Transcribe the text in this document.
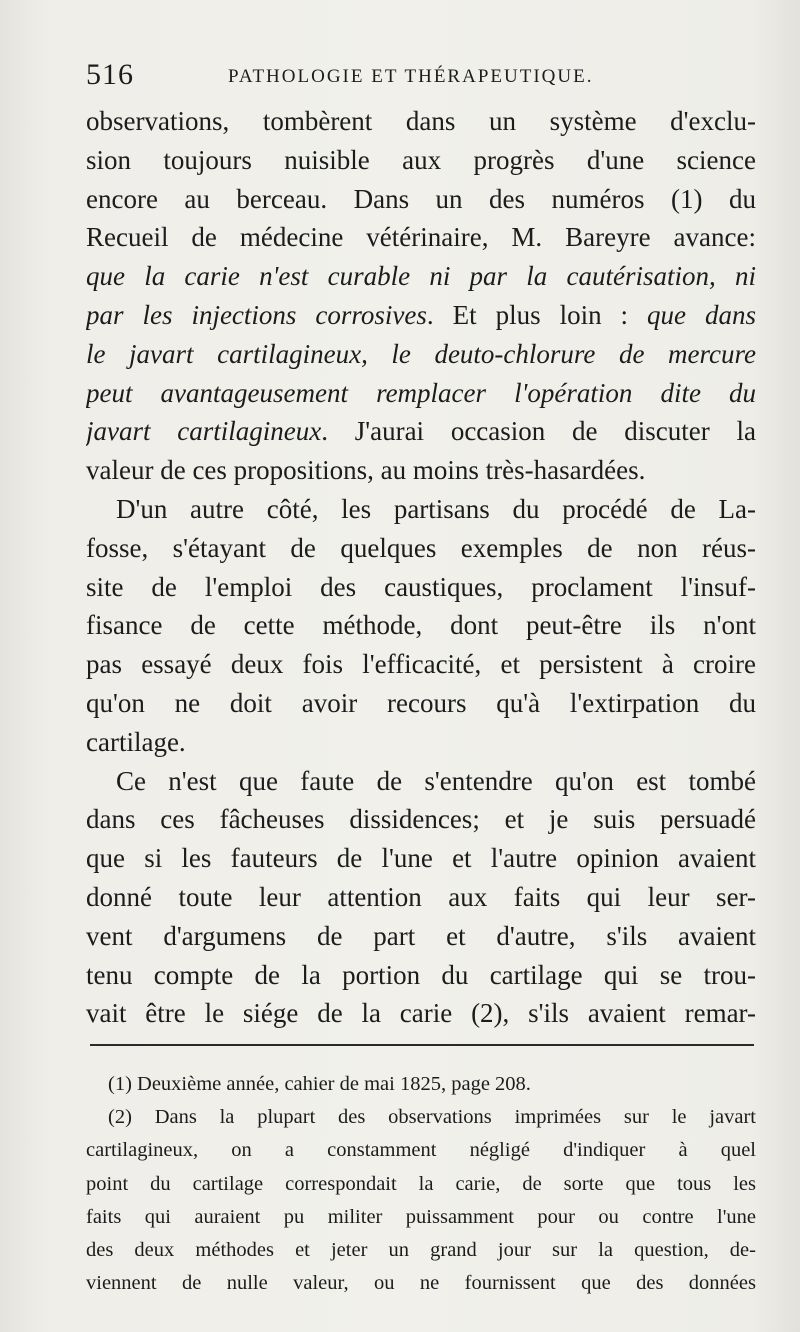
516	PATHOLOGIE ET THÉRAPEUTIQUE.
observations, tombèrent dans un système d'exclu-
sion toujours nuisible aux progrès d'une science
encore au berceau. Dans un des numéros (1) du
Recueil de médecine vétérinaire, M. Bareyre avance:
que la carie n'est curable ni par la cautérisation, ni
par les injections corrosives. Et plus loin : que dans
le javart cartilagineux, le deuto-chlorure de mercure
peut avantageusement remplacer l'opération dite du
javart cartilagineux. J'aurai occasion de discuter la
valeur de ces propositions, au moins très-hasardées.
D'un autre côté, les partisans du procédé de La-
fosse, s'étayant de quelques exemples de non réus-
site de l'emploi des caustiques, proclament l'insuf-
fisance de cette méthode, dont peut-être ils n'ont
pas essayé deux fois l'efficacité, et persistent à croire
qu'on ne doit avoir recours qu'à l'extirpation du
cartilage.
Ce n'est que faute de s'entendre qu'on est tombé
dans ces fâcheuses dissidences; et je suis persuadé
que si les fauteurs de l'une et l'autre opinion avaient
donné toute leur attention aux faits qui leur ser-
vent d'argumens de part et d'autre, s'ils avaient
tenu compte de la portion du cartilage qui se trou-
vait être le siége de la carie (2), s'ils avaient remar-
(1) Deuxième année, cahier de mai 1825, page 208.
(2) Dans la plupart des observations imprimées sur le javart
cartilagineux, on a constamment négligé d'indiquer à quel
point du cartilage correspondait la carie, de sorte que tous les
faits qui auraient pu militer puissamment pour ou contre l'une
des deux méthodes et jeter un grand jour sur la question, de-
viennent de nulle valeur, ou ne fournissent que des données
